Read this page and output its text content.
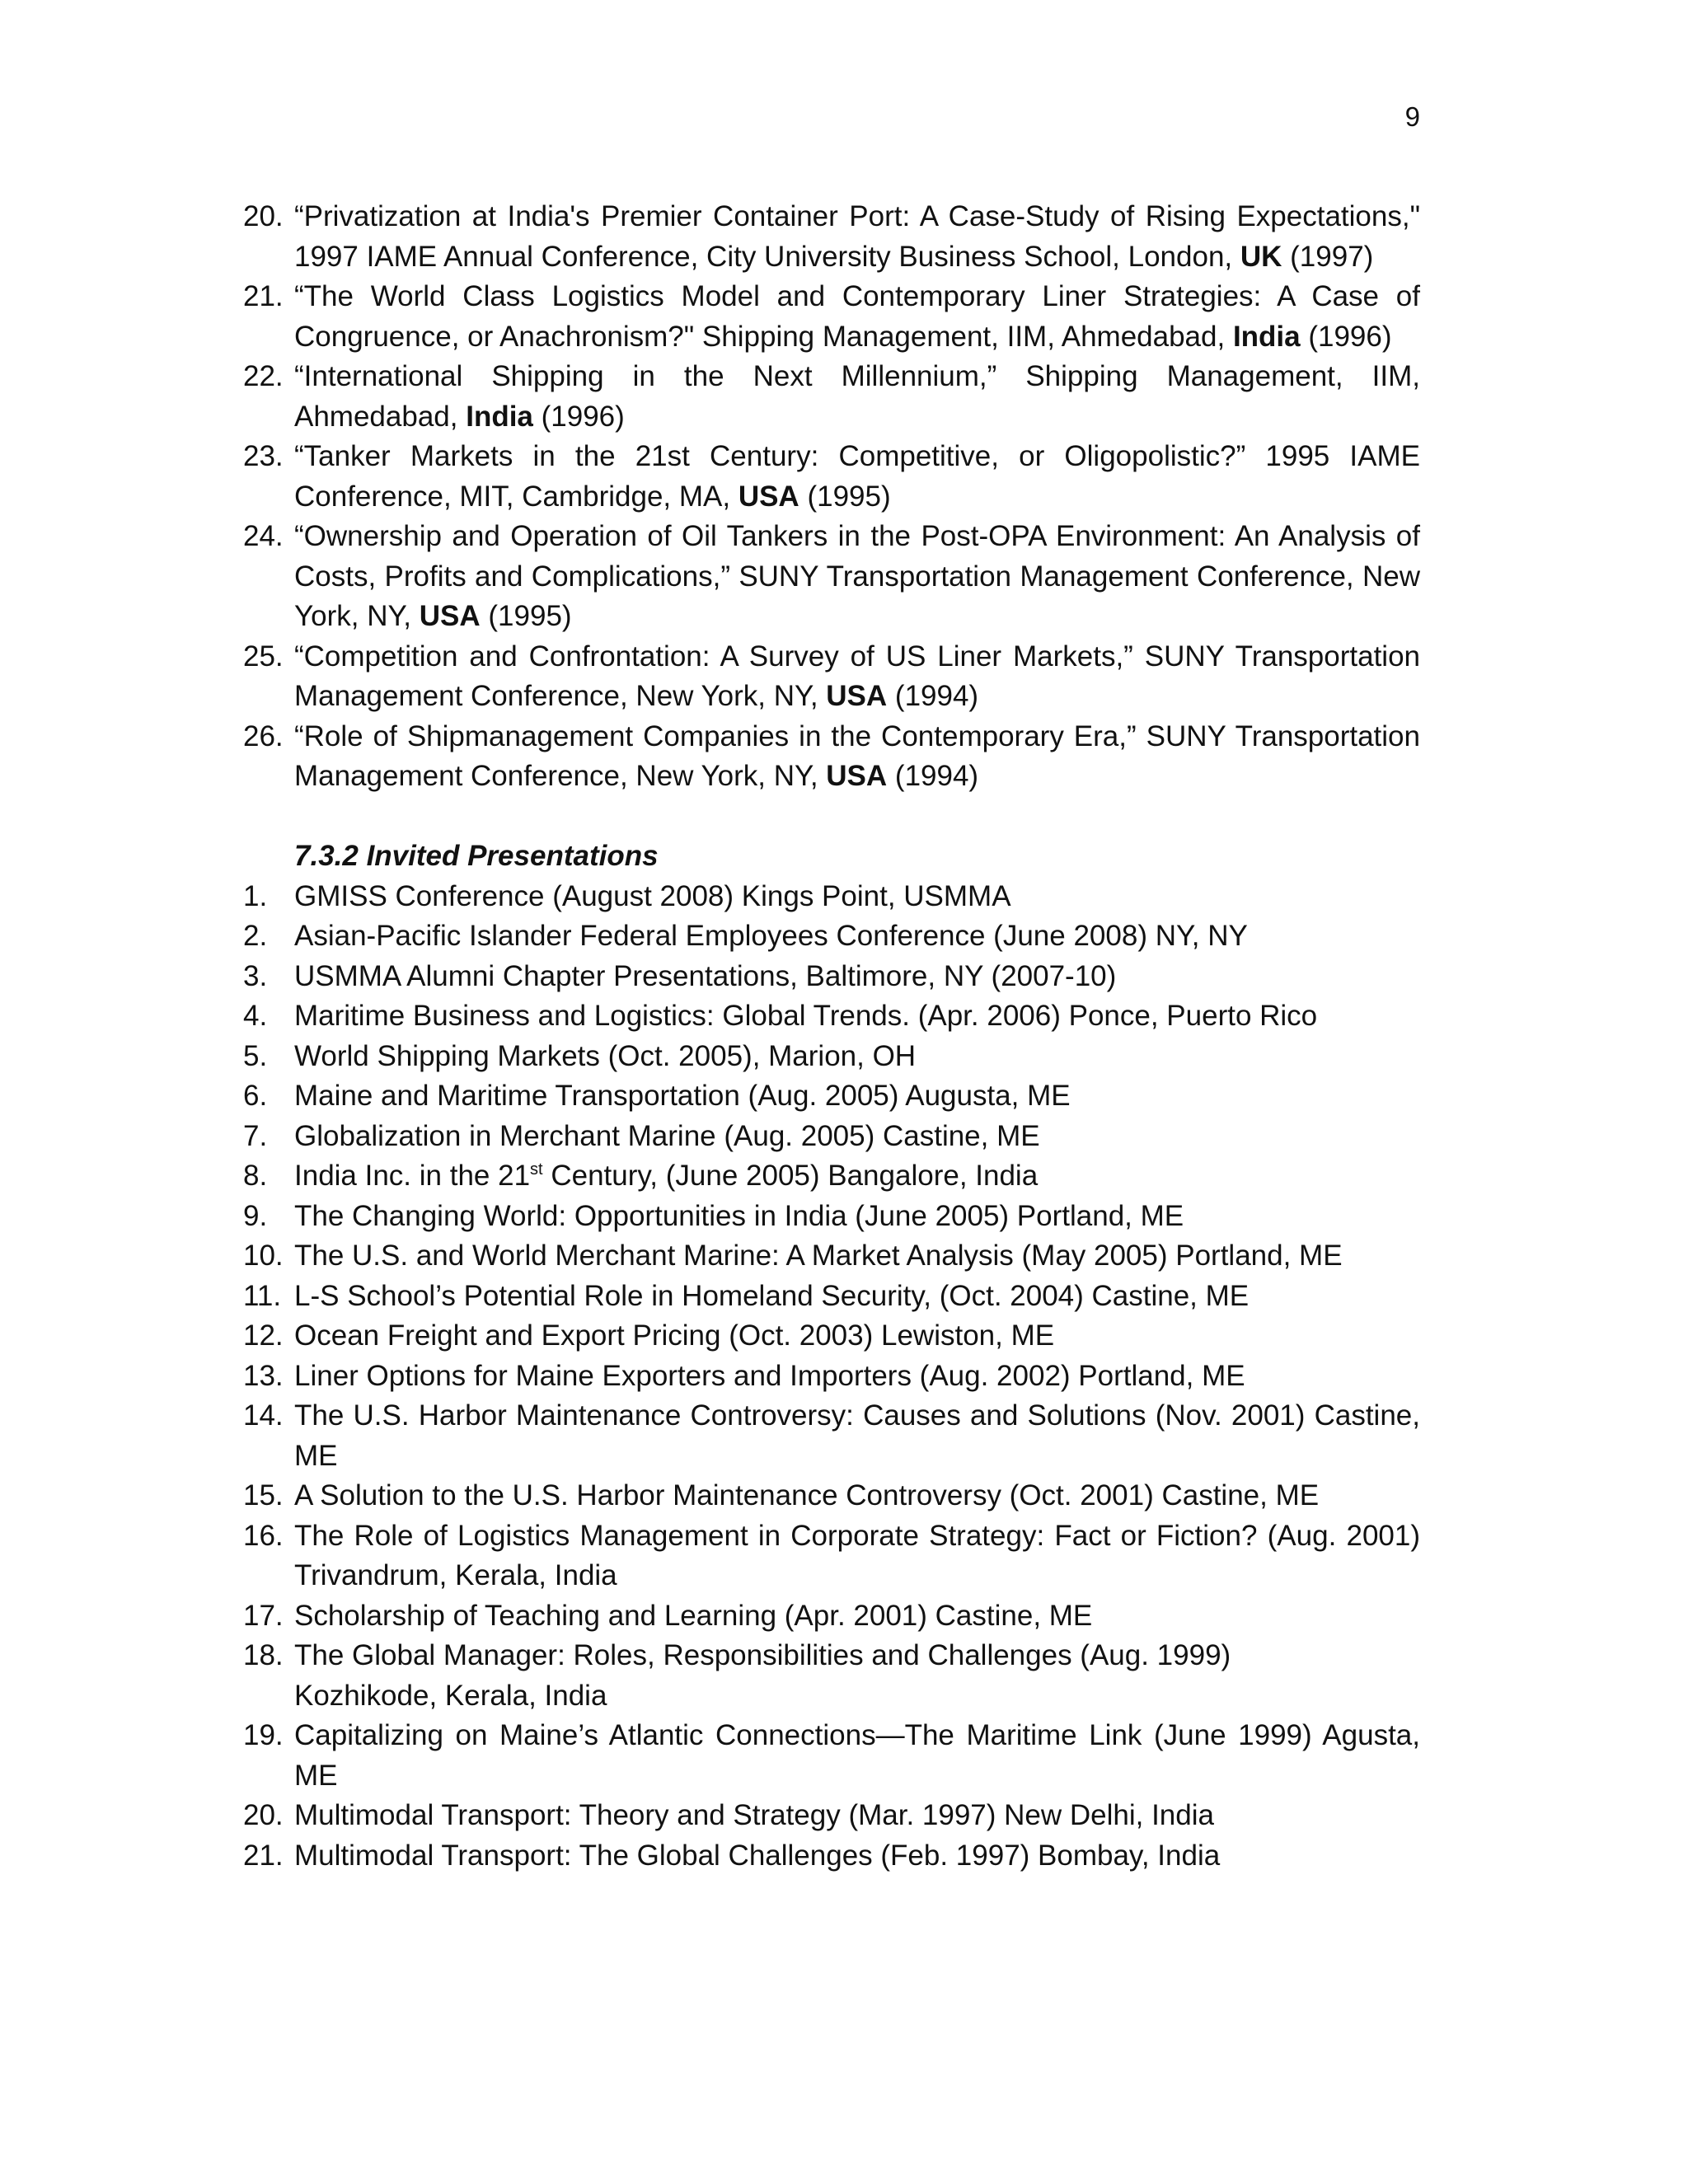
9
20. “Privatization at India's Premier Container Port: A Case-Study of Rising Expectations," 1997 IAME Annual Conference, City University Business School, London, UK (1997)
21. “The World Class Logistics Model and Contemporary Liner Strategies: A Case of Congruence, or Anachronism?" Shipping Management, IIM, Ahmedabad, India (1996)
22. “International Shipping in the Next Millennium,” Shipping Management, IIM, Ahmedabad, India (1996)
23. “Tanker Markets in the 21st Century: Competitive, or Oligopolistic?” 1995 IAME Conference, MIT, Cambridge, MA, USA (1995)
24. “Ownership and Operation of Oil Tankers in the Post-OPA Environment: An Analysis of Costs, Profits and Complications,” SUNY Transportation Management Conference, New York, NY, USA (1995)
25. “Competition and Confrontation: A Survey of US Liner Markets,” SUNY Transportation Management Conference, New York, NY, USA (1994)
26. “Role of Shipmanagement Companies in the Contemporary Era,” SUNY Transportation Management Conference, New York, NY, USA (1994)
7.3.2 Invited Presentations
1. GMISS Conference (August 2008) Kings Point, USMMA
2. Asian-Pacific Islander Federal Employees Conference (June 2008) NY, NY
3. USMMA Alumni Chapter Presentations, Baltimore, NY (2007-10)
4. Maritime Business and Logistics: Global Trends. (Apr. 2006) Ponce, Puerto Rico
5. World Shipping Markets (Oct. 2005), Marion, OH
6. Maine and Maritime Transportation (Aug. 2005) Augusta, ME
7. Globalization in Merchant Marine (Aug. 2005) Castine, ME
8. India Inc. in the 21st Century, (June 2005) Bangalore, India
9. The Changing World: Opportunities in India (June 2005) Portland, ME
10. The U.S. and World Merchant Marine: A Market Analysis (May 2005) Portland, ME
11. L-S School’s Potential Role in Homeland Security, (Oct. 2004) Castine, ME
12. Ocean Freight and Export Pricing (Oct. 2003) Lewiston, ME
13. Liner Options for Maine Exporters and Importers (Aug. 2002) Portland, ME
14. The U.S. Harbor Maintenance Controversy: Causes and Solutions (Nov. 2001) Castine, ME
15. A Solution to the U.S. Harbor Maintenance Controversy (Oct. 2001) Castine, ME
16. The Role of Logistics Management in Corporate Strategy: Fact or Fiction? (Aug. 2001) Trivandrum, Kerala, India
17. Scholarship of Teaching and Learning (Apr. 2001) Castine, ME
18. The Global Manager: Roles, Responsibilities and Challenges (Aug. 1999)
Kozhikode, Kerala, India
19. Capitalizing on Maine’s Atlantic Connections—The Maritime Link (June 1999) Agusta, ME
20. Multimodal Transport: Theory and Strategy (Mar. 1997) New Delhi, India
21. Multimodal Transport: The Global Challenges (Feb. 1997) Bombay, India
